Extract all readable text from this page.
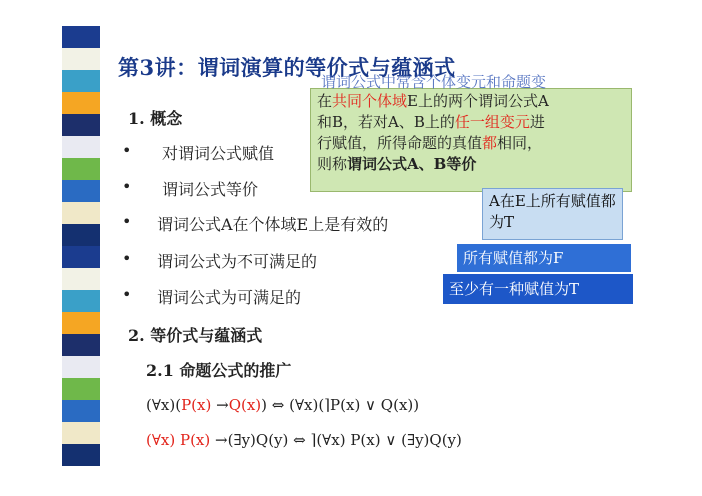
第3讲：谓词演算的等价式与蕴涵式
1. 概念
• 对谓词公式赋值
• 谓词公式等价
• 谓词公式A在个体域E上是有效的
• 谓词公式为不可满足的
• 谓词公式为可满足的
谓词公式中常含个体变元和命题变
在共同个体域E上的两个谓词公式A
和B，若对A、B上的任一组变元进
行赋值，所得命题的真值都相同，
则称谓词公式A、B等价
A在E上所有赋值都为T
所有赋值都为F
至少有一种赋值为T
2. 等价式与蕴涵式
2.1 命题公式的推广
(∀x)(P(x) →Q(x)) ⇔ (∀x)(⌉P(x) ∨ Q(x))
(∀x) P(x) →(∃y)Q(y) ⇔ ⌉(∀x) P(x) ∨ (∃y)Q(y)
